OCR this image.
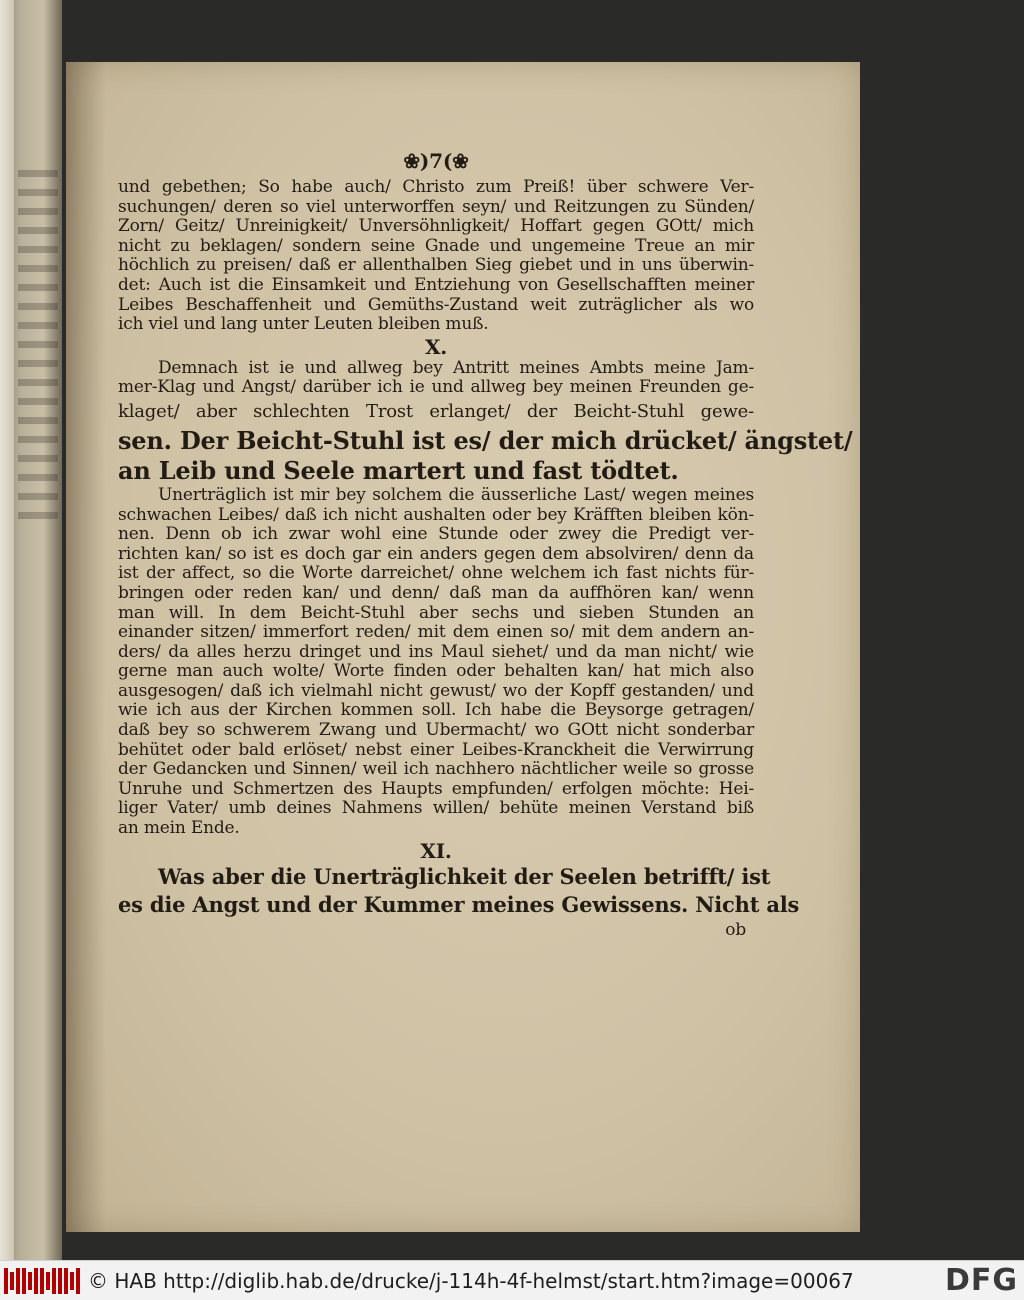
❀)7(❀
und gebethen; So habe auch/ Christo zum Preiß! über schwere Ver-
suchungen/ deren so viel unterworffen seyn/ und Reitzungen zu Sünden/
Zorn/ Geitz/ Unreinigkeit/ Unversöhnligkeit/ Hoffart gegen GOtt/ mich
nicht zu beklagen/ sondern seine Gnade und ungemeine Treue an mir
höchlich zu preisen/ daß er allenthalben Sieg giebet und in uns überwin-
det: Auch ist die Einsamkeit und Entziehung von Gesellschafften meiner
Leibes Beschaffenheit und Gemüths-Zustand weit zuträglicher als wo
ich viel und lang unter Leuten bleiben muß.
X.
Demnach ist ie und allweg bey Antritt meines Ambts meine Jam-
mer-Klag und Angst/ darüber ich ie und allweg bey meinen Freunden ge-
klaget/ aber schlechten Trost erlanget/ der Beicht-Stuhl gewe-
sen. Der Beicht-Stuhl ist es/ der mich drücket/ ängstet/
an Leib und Seele martert und fast tödtet.
Unerträglich ist mir bey solchem die äusserliche Last/ wegen meines
schwachen Leibes/ daß ich nicht aushalten oder bey Kräfften bleiben kön-
nen. Denn ob ich zwar wohl eine Stunde oder zwey die Predigt ver-
richten kan/ so ist es doch gar ein anders gegen dem absolviren/ denn da
ist der affect, so die Worte darreichet/ ohne welchem ich fast nichts für-
bringen oder reden kan/ und denn/ daß man da auffhören kan/ wenn
man will. In dem Beicht-Stuhl aber sechs und sieben Stunden an
einander sitzen/ immerfort reden/ mit dem einen so/ mit dem andern an-
ders/ da alles herzu dringet und ins Maul siehet/ und da man nicht/ wie
gerne man auch wolte/ Worte finden oder behalten kan/ hat mich also
ausgesogen/ daß ich vielmahl nicht gewust/ wo der Kopff gestanden/ und
wie ich aus der Kirchen kommen soll. Ich habe die Beysorge getragen/
daß bey so schwerem Zwang und Ubermacht/ wo GOtt nicht sonderbar
behütet oder bald erlöset/ nebst einer Leibes-Kranckheit die Verwirrung
der Gedancken und Sinnen/ weil ich nachhero nächtlicher weile so grosse
Unruhe und Schmertzen des Haupts empfunden/ erfolgen möchte: Hei-
liger Vater/ umb deines Nahmens willen/ behüte meinen Verstand biß
an mein Ende.
XI.
Was aber die Unerträglichkeit der Seelen betrifft/ ist
es die Angst und der Kummer meines Gewissens. Nicht als
ob
© HAB http://diglib.hab.de/drucke/j-114h-4f-helmst/start.htm?image=00067	DFG
